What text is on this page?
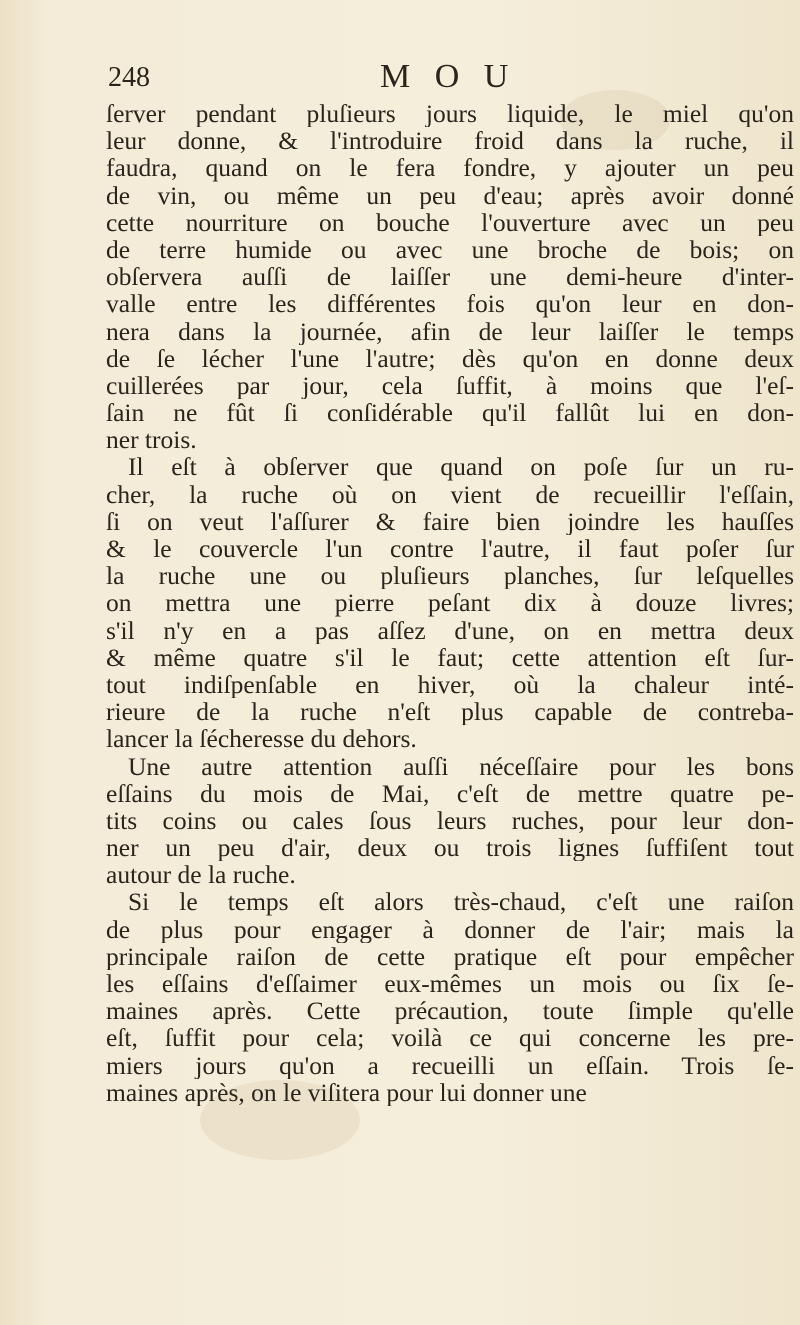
248	M O U
ſerver pendant pluſieurs jours liquide, le miel qu'on
leur donne, & l'introduire froid dans la ruche, il
faudra, quand on le fera fondre, y ajouter un peu
de vin, ou même un peu d'eau; après avoir donné
cette nourriture on bouche l'ouverture avec un peu
de terre humide ou avec une broche de bois; on
obſervera auſſi de laiſſer une demi-heure d'inter-
valle entre les différentes fois qu'on leur en don-
nera dans la journée, afin de leur laiſſer le temps
de ſe lécher l'une l'autre; dès qu'on en donne deux
cuillerées par jour, cela ſuffit, à moins que l'eſ-
ſain ne fût ſi conſidérable qu'il fallût lui en don-
ner trois.
Il eſt à obſerver que quand on poſe ſur un ru-
cher, la ruche où on vient de recueillir l'eſſain,
ſi on veut l'aſſurer & faire bien joindre les hauſſes
& le couvercle l'un contre l'autre, il faut poſer ſur
la ruche une ou pluſieurs planches, ſur leſquelles
on mettra une pierre peſant dix à douze livres;
s'il n'y en a pas aſſez d'une, on en mettra deux
& même quatre s'il le faut; cette attention eſt ſur-
tout indiſpenſable en hiver, où la chaleur inté-
rieure de la ruche n'eſt plus capable de contreba-
lancer la ſécheresse du dehors.
Une autre attention auſſi néceſſaire pour les bons
eſſains du mois de Mai, c'eſt de mettre quatre pe-
tits coins ou cales ſous leurs ruches, pour leur don-
ner un peu d'air, deux ou trois lignes ſuffiſent tout
autour de la ruche.
Si le temps eſt alors très-chaud, c'eſt une raiſon
de plus pour engager à donner de l'air; mais la
principale raiſon de cette pratique eſt pour empêcher
les eſſains d'eſſaimer eux-mêmes un mois ou ſix ſe-
maines après. Cette précaution, toute ſimple qu'elle
eſt, ſuffit pour cela; voilà ce qui concerne les pre-
miers jours qu'on a recueilli un eſſain. Trois ſe-
maines après, on le viſitera pour lui donner une
